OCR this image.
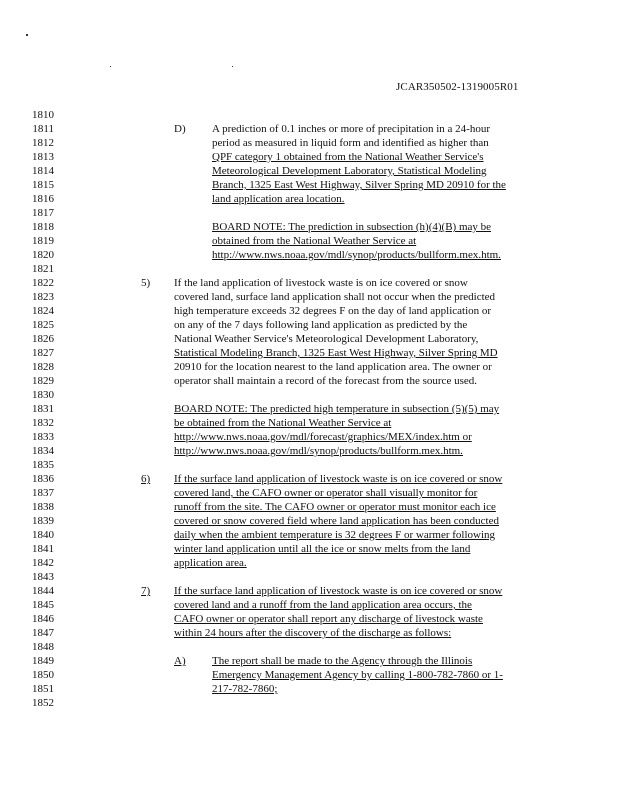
JCAR350502-1319005R01
1810
1811
1812
1813
1814
1815
1816
1817
1818
1819
1820
1821
1822
1823
1824
1825
1826
1827
1828
1829
1830
1831
1832
1833
1834
1835
1836
1837
1838
1839
1840
1841
1842
1843
1844
1845
1846
1847
1848
1849
1850
1851
1852
D) A prediction of 0.1 inches or more of precipitation in a 24-hour
period as measured in liquid form and identified as higher than
QPF category 1 obtained from the National Weather Service's
Meteorological Development Laboratory, Statistical Modeling
Branch, 1325 East West Highway, Silver Spring MD 20910 for the
land application area location.
BOARD NOTE: The prediction in subsection (h)(4)(B) may be
obtained from the National Weather Service at
http://www.nws.noaa.gov/mdl/synop/products/bullform.mex.htm.
5) If the land application of livestock waste is on ice covered or snow
covered land, surface land application shall not occur when the predicted
high temperature exceeds 32 degrees F on the day of land application or
on any of the 7 days following land application as predicted by the
National Weather Service's Meteorological Development Laboratory,
Statistical Modeling Branch, 1325 East West Highway, Silver Spring MD
20910 for the location nearest to the land application area. The owner or
operator shall maintain a record of the forecast from the source used.
BOARD NOTE: The predicted high temperature in subsection (5)(5) may
be obtained from the National Weather Service at
http://www.nws.noaa.gov/mdl/forecast/graphics/MEX/index.htm or
http://www.nws.noaa.gov/mdl/synop/products/bullform.mex.htm.
6) If the surface land application of livestock waste is on ice covered or snow
covered land, the CAFO owner or operator shall visually monitor for
runoff from the site. The CAFO owner or operator must monitor each ice
covered or snow covered field where land application has been conducted
daily when the ambient temperature is 32 degrees F or warmer following
winter land application until all the ice or snow melts from the land
application area.
7) If the surface land application of livestock waste is on ice covered or snow
covered land and a runoff from the land application area occurs, the
CAFO owner or operator shall report any discharge of livestock waste
within 24 hours after the discovery of the discharge as follows:
A) The report shall be made to the Agency through the Illinois
Emergency Management Agency by calling 1-800-782-7860 or 1-
217-782-7860;
